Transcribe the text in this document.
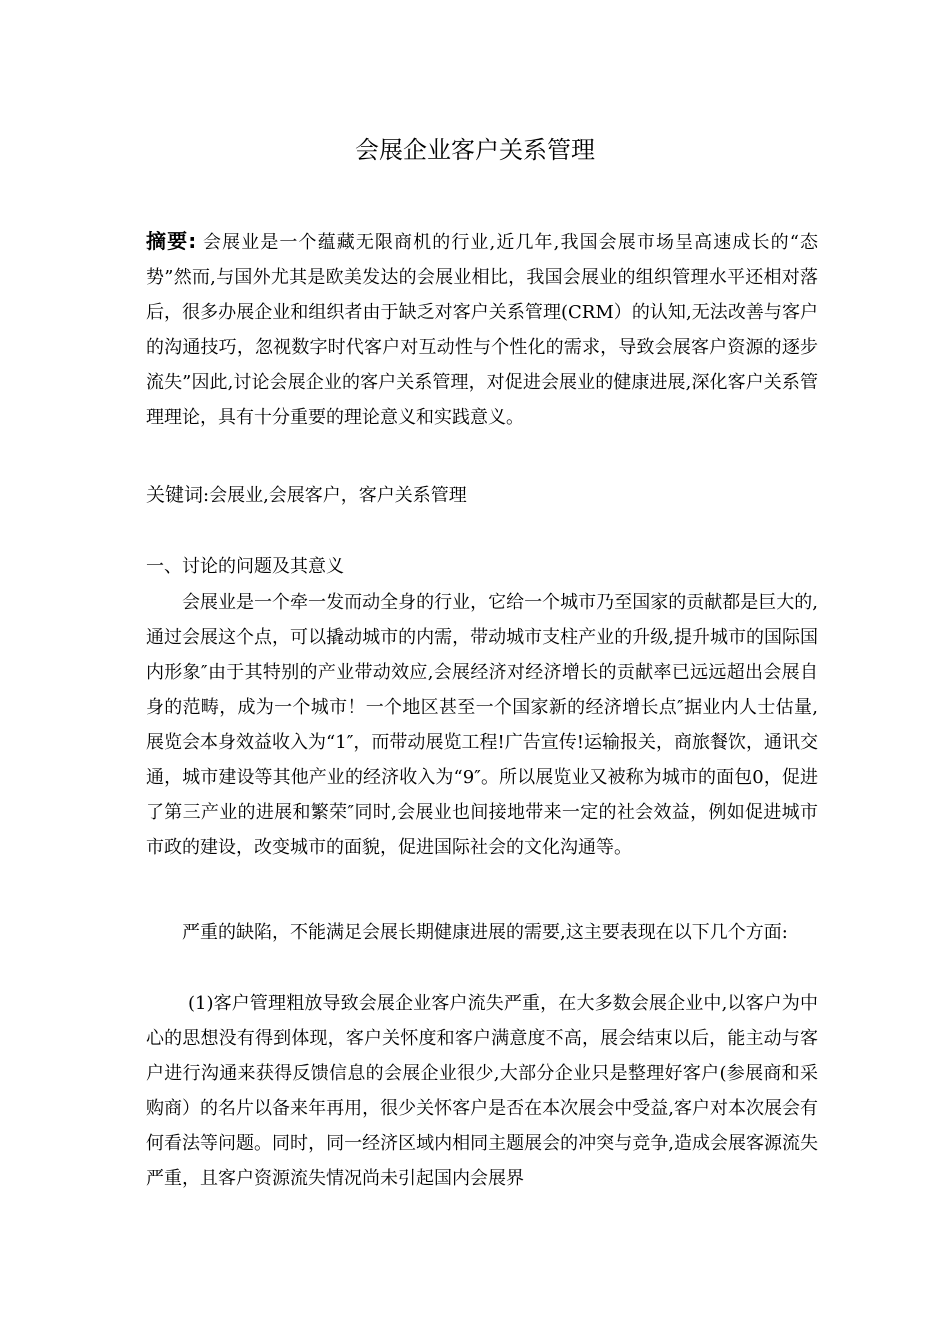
会展企业客户关系管理

摘要: 会展业是一个蕴藏无限商机的行业,近几年,我国会展市场呈高速成长的“态势”然而,与国外尤其是欧美发达的会展业相比，我国会展业的组织管理水平还相对落后，很多办展企业和组织者由于缺乏对客户关系管理(CRM）的认知,无法改善与客户的沟通技巧，忽视数字时代客户对互动性与个性化的需求，导致会展客户资源的逐步流失”因此,讨论会展企业的客户关系管理，对促进会展业的健康进展,深化客户关系管理理论，具有十分重要的理论意义和实践意义。

关键词:会展业,会展客户，客户关系管理

一、讨论的问题及其意义

会展业是一个牵一发而动全身的行业，它给一个城市乃至国家的贡献都是巨大的,通过会展这个点，可以撬动城市的内需，带动城市支柱产业的升级,提升城市的国际国内形象″由于其特别的产业带动效应,会展经济对经济增长的贡献率已远远超出会展自身的范畴，成为一个城市！一个地区甚至一个国家新的经济增长点″据业内人士估量,展览会本身效益收入为“1″，而带动展览工程!广告宣传!运输报关，商旅餐饮，通讯交通，城市建设等其他产业的经济收入为“9″。所以展览业又被称为城市的面包0，促进了第三产业的进展和繁荣″同时,会展业也间接地带来一定的社会效益，例如促进城市市政的建设，改变城市的面貌，促进国际社会的文化沟通等。

严重的缺陷，不能满足会展长期健康进展的需要,这主要表现在以下几个方面:

(1)客户管理粗放导致会展企业客户流失严重，在大多数会展企业中,以客户为中心的思想没有得到体现，客户关怀度和客户满意度不高，展会结束以后，能主动与客户进行沟通来获得反馈信息的会展企业很少,大部分企业只是整理好客户(参展商和采购商）的名片以备来年再用，很少关怀客户是否在本次展会中受益,客户对本次展会有何看法等问题。同时，同一经济区域内相同主题展会的冲突与竞争,造成会展客源流失严重，且客户资源流失情况尚未引起国内会展界
